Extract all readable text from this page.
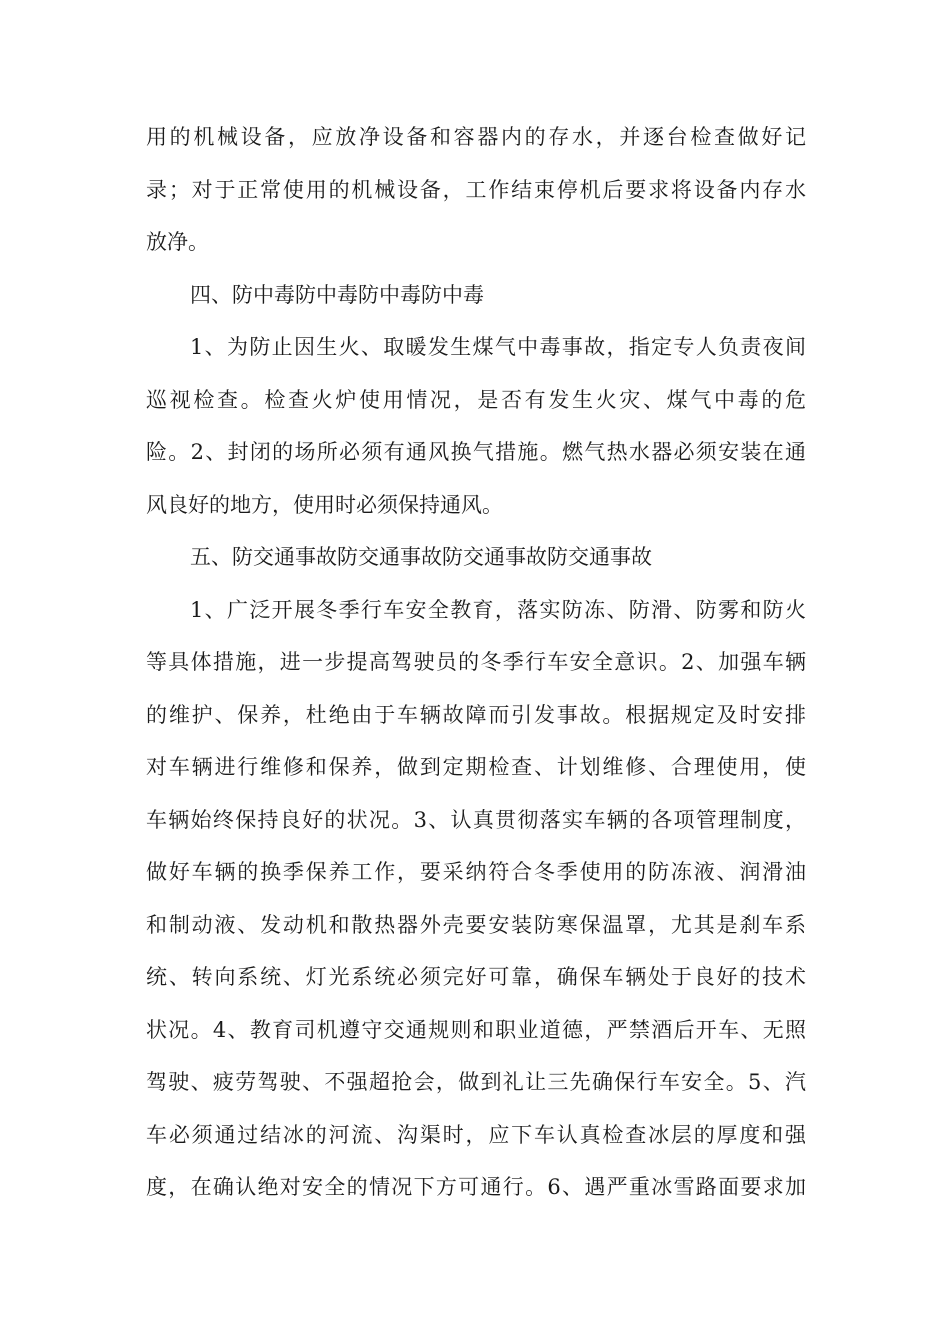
用的机械设备，应放净设备和容器内的存水，并逐台检查做好记
录；对于正常使用的机械设备，工作结束停机后要求将设备内存水
放净。
四、防中毒防中毒防中毒防中毒
1、为防止因生火、取暖发生煤气中毒事故，指定专人负责夜间
巡视检查。检查火炉使用情况，是否有发生火灾、煤气中毒的危
险。2、封闭的场所必须有通风换气措施。燃气热水器必须安装在通
风良好的地方，使用时必须保持通风。
五、防交通事故防交通事故防交通事故防交通事故
1、广泛开展冬季行车安全教育，落实防冻、防滑、防雾和防火
等具体措施，进一步提高驾驶员的冬季行车安全意识。2、加强车辆
的维护、保养，杜绝由于车辆故障而引发事故。根据规定及时安排
对车辆进行维修和保养，做到定期检查、计划维修、合理使用，使
车辆始终保持良好的状况。3、认真贯彻落实车辆的各项管理制度，
做好车辆的换季保养工作，要采纳符合冬季使用的防冻液、润滑油
和制动液、发动机和散热器外壳要安装防寒保温罩，尤其是刹车系
统、转向系统、灯光系统必须完好可靠，确保车辆处于良好的技术
状况。4、教育司机遵守交通规则和职业道德，严禁酒后开车、无照
驾驶、疲劳驾驶、不强超抢会，做到礼让三先确保行车安全。5、汽
车必须通过结冰的河流、沟渠时，应下车认真检查冰层的厚度和强
度，在确认绝对安全的情况下方可通行。6、遇严重冰雪路面要求加
